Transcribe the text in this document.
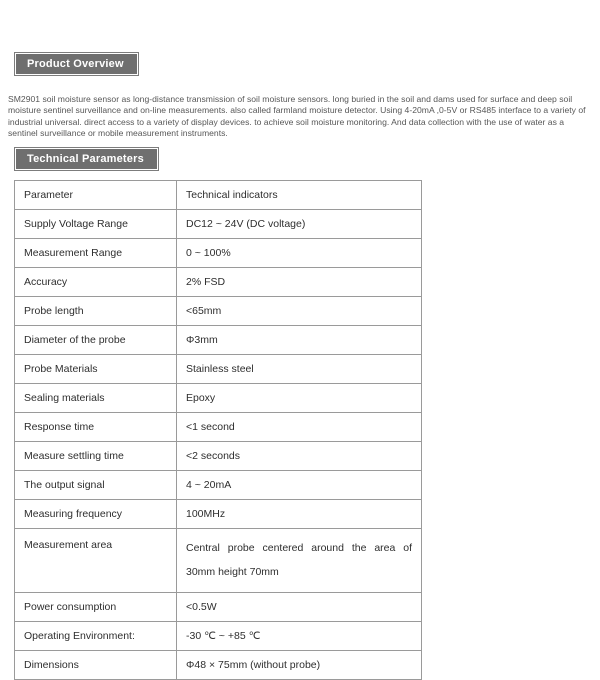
Product Overview

SM2901 soil moisture sensor as long-distance transmission of soil moisture sensors. long buried in the soil and dams used for surface and deep soil moisture sentinel surveillance and on-line measurements. also called farmland moisture detector. Using 4-20mA ,0-5V or RS485 interface to a variety of industrial universal. direct access to a variety of display devices. to achieve soil moisture monitoring. And data collection with the use of water as a sentinel surveillance or mobile measurement instruments.

Technical Parameters
Parameter	Technical indicators
Supply Voltage Range	DC12 ~ 24V (DC voltage)
Measurement Range	0 ~ 100%
Accuracy	2% FSD
Probe length	<65mm
Diameter of the probe	Φ3mm
Probe Materials	Stainless steel
Sealing materials	Epoxy
Response time	<1 second
Measure settling time	<2 seconds
The output signal	4 ~ 20mA
Measuring frequency	100MHz
Measurement area	Central probe centered around the area of 30mm height 70mm
Power consumption	<0.5W
Operating Environment:	-30 ℃ ~ +85 ℃
Dimensions	Φ48 × 75mm (without probe)
